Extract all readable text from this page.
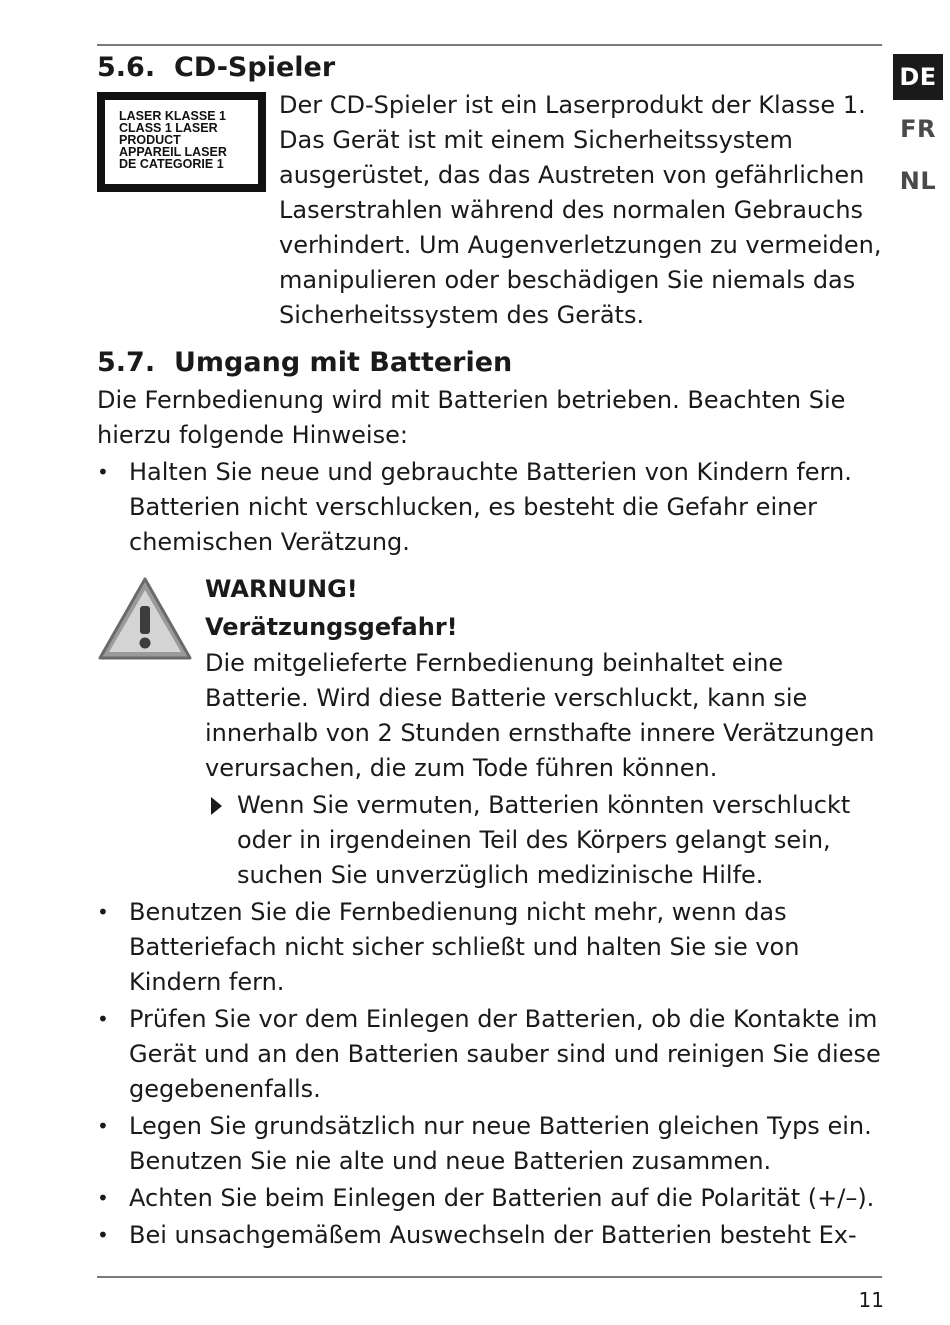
DE
FR
NL
5.6. CD-Spieler
LASER KLASSE 1
CLASS 1 LASER
PRODUCT
APPAREIL LASER
DE CATEGORIE 1

Der CD-Spieler ist ein Laserprodukt der Klasse 1. Das Gerät ist mit einem Sicherheitssystem ausgerüstet, das das Austreten von gefährlichen Laserstrahlen während des normalen Gebrauchs verhindert. Um Augenverletzungen zu vermeiden, manipulieren oder beschädigen Sie niemals das Sicherheitssystem des Geräts.

5.7. Umgang mit Batterien

Die Fernbedienung wird mit Batterien betrieben. Beachten Sie hierzu folgende Hinweise:

• Halten Sie neue und gebrauchte Batterien von Kindern fern. Batterien nicht verschlucken, es besteht die Gefahr einer chemischen Verätzung.
WARNUNG!
Verätzungsgefahr!

Die mitgelieferte Fernbedienung beinhaltet eine Batterie. Wird diese Batterie verschluckt, kann sie innerhalb von 2 Stunden ernsthafte innere Verätzungen verursachen, die zum Tode führen können.

Wenn Sie vermuten, Batterien könnten verschluckt oder in irgendeinen Teil des Körpers gelangt sein, suchen Sie unverzüglich medizinische Hilfe.
• Benutzen Sie die Fernbedienung nicht mehr, wenn das Batteriefach nicht sicher schließt und halten Sie sie von Kindern fern.
• Prüfen Sie vor dem Einlegen der Batterien, ob die Kontakte im Gerät und an den Batterien sauber sind und reinigen Sie diese gegebenenfalls.
• Legen Sie grundsätzlich nur neue Batterien gleichen Typs ein. Benutzen Sie nie alte und neue Batterien zusammen.
• Achten Sie beim Einlegen der Batterien auf die Polarität (+/–).
• Bei unsachgemäßem Auswechseln der Batterien besteht Ex-
11
